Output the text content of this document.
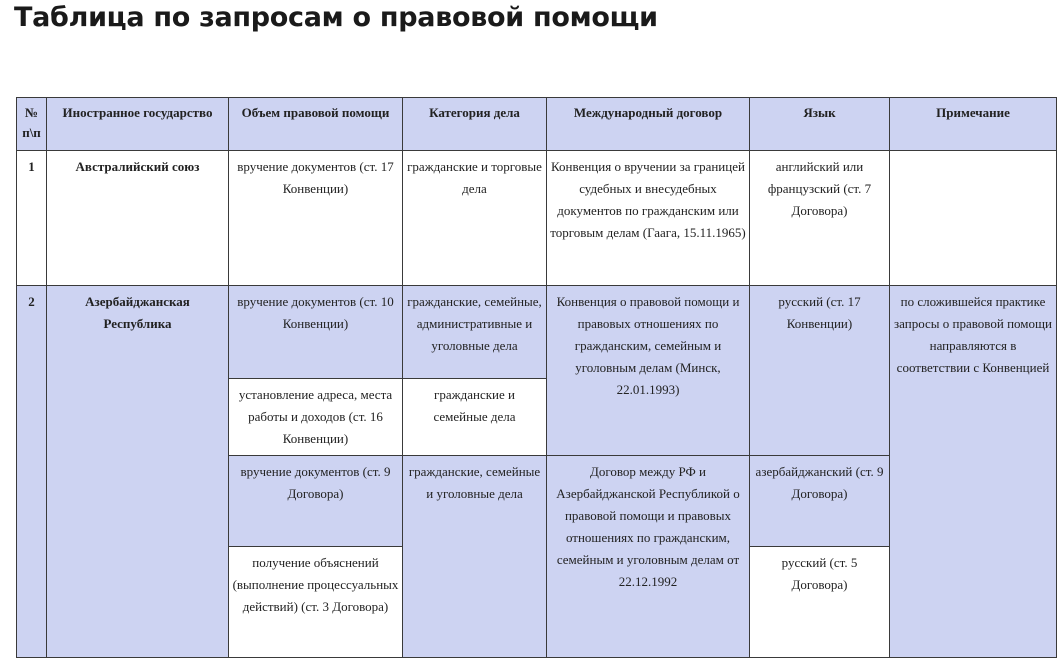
Таблица по запросам о правовой помощи
№ п\п	Иностранное государство	Объем правовой помощи	Категория дела	Международный договор	Язык	Примечание
1	Австралийский союз	вручение документов (ст. 17 Конвенции)	гражданские и торговые дела	Конвенция о вручении за границей судебных и внесудебных документов по гражданским или торговым делам (Гаага, 15.11.1965)	английский или французский (ст. 7 Договора)	
2	Азербайджанская Республика	вручение документов (ст. 10 Конвенции)	гражданские, семейные, административные и уголовные дела	Конвенция о правовой помощи и правовых отношениях по гражданским, семейным и уголовным делам (Минск, 22.01.1993)	русский (ст. 17 Конвенции)	по сложившейся практике запросы о правовой помощи направляются в соответствии с Конвенцией
		установление адреса, места работы и доходов (ст. 16 Конвенции)	гражданские и семейные дела			
		вручение документов (ст. 9 Договора)	гражданские, семейные и уголовные дела	Договор между РФ и Азербайджанской Республикой о правовой помощи и правовых отношениях по гражданским, семейным и уголовным делам от 22.12.1992	азербайджанский (ст. 9 Договора)	
		получение объяснений (выполнение процессуальных действий) (ст. 3 Договора)			русский (ст. 5 Договора)	
